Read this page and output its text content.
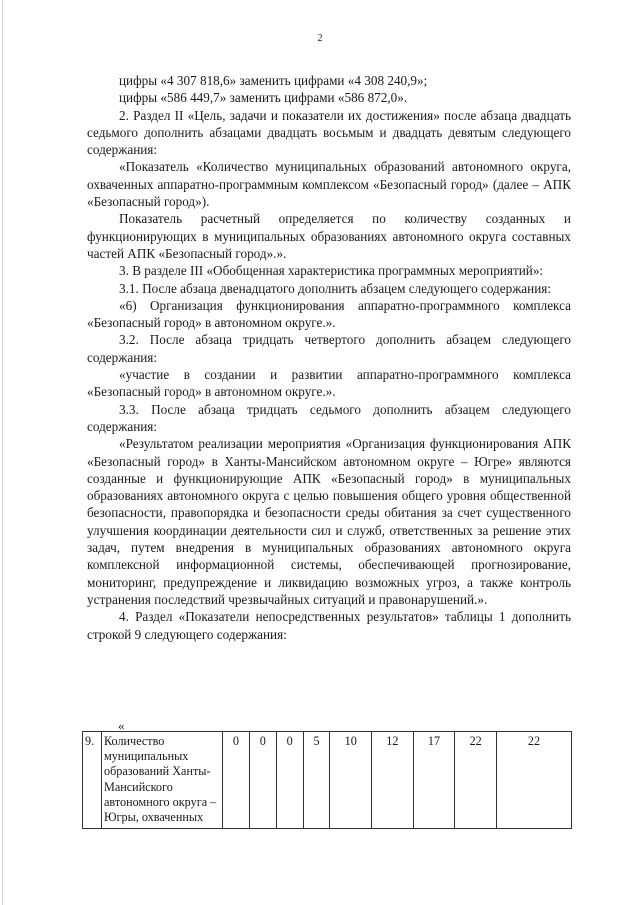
2

цифры «4 307 818,6» заменить цифрами «4 308 240,9»;

цифры «586 449,7» заменить цифрами «586 872,0».

2. Раздел II «Цель, задачи и показатели их достижения» после абзаца двадцать седьмого дополнить абзацами двадцать восьмым и двадцать девятым следующего содержания:

«Показатель «Количество муниципальных образований автономного округа, охваченных аппаратно-программным комплексом «Безопасный город» (далее – АПК «Безопасный город»).

Показатель расчетный определяется по количеству созданных и функционирующих в муниципальных образованиях автономного округа составных частей АПК «Безопасный город».».

3. В разделе III «Обобщенная характеристика программных мероприятий»:

3.1. После абзаца двенадцатого дополнить абзацем следующего содержания:

«6) Организация функционирования аппаратно-программного комплекса «Безопасный город» в автономном округе.».

3.2. После абзаца тридцать четвертого дополнить абзацем следующего содержания:

«участие в создании и развитии аппаратно-программного комплекса «Безопасный город» в автономном округе.».

3.3. После абзаца тридцать седьмого дополнить абзацем следующего содержания:

«Результатом реализации мероприятия «Организация функционирования АПК «Безопасный город» в Ханты-Мансийском автономном округе – Югре» являются созданные и функционирующие АПК «Безопасный город» в муниципальных образованиях автономного округа с целью повышения общего уровня общественной безопасности, правопорядка и безопасности среды обитания за счет существенного улучшения координации деятельности сил и служб, ответственных за решение этих задач, путем внедрения в муниципальных образованиях автономного округа комплексной информационной системы, обеспечивающей прогнозирование, мониторинг, предупреждение и ликвидацию возможных угроз, а также контроль устранения последствий чрезвычайных ситуаций и правонарушений.».

4. Раздел «Показатели непосредственных результатов» таблицы 1 дополнить строкой 9 следующего содержания:

«
9.	Количество муниципальных образований Ханты-Мансийского автономного округа – Югры, охваченных	0	0	0	5	10	12	17	22	22
